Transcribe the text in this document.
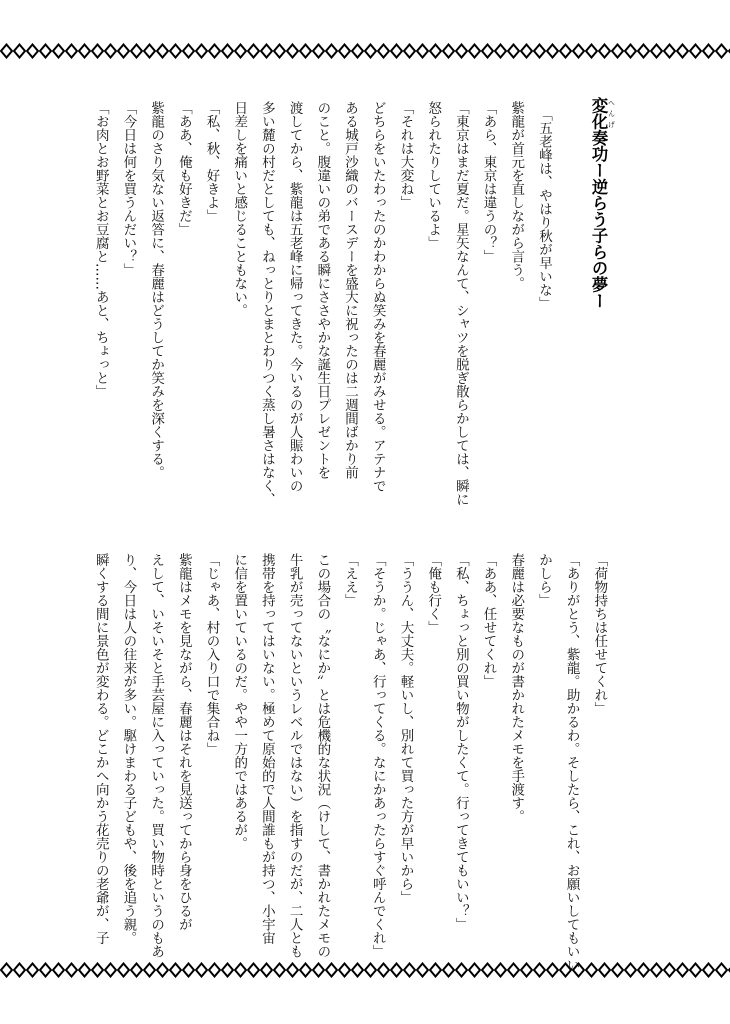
変化 へんげ奏功ー逆らう子らの夢ー
　「五老峰は、やはり秋が早いな」
紫龍が首元を直しながら言う。
「あら、東京は違うの？」
「東京はまだ夏だ。星矢なんて、シャツを脱ぎ散らかしては、瞬に
怒られたりしているよ」
「それは大変ね」
どちらをいたわったのかわからぬ笑みを春麗がみせる。アテナで
ある城戸沙織のバースデーを盛大に祝ったのは二週間ばかり前
のこと。腹違いの弟である瞬にささやかな誕生日プレゼントを
渡してから、紫龍は五老峰に帰ってきた。今いるのが人賑わいの
多い麓の村だとしても、ねっとりとまとわりつく蒸し暑さはなく、
日差しを痛いと感じることもない。
「私、秋、好きよ」
「ああ、俺も好きだ」
紫龍のさり気ない返答に、春麗はどうしてか笑みを深くする。
「今日は何を買うんだい？」
「お肉とお野菜とお豆腐と……あと、ちょっと」
「荷物持ちは任せてくれ」
「ありがとう、紫龍。助かるわ。そしたら、これ、お願いしてもいい
かしら」
春麗は必要なものが書かれたメモを手渡す。
「ああ、任せてくれ」
「私、ちょっと別の買い物がしたくて。行ってきてもいい？」
「俺も行く」
「ううん、大丈夫。軽いし、別れて買った方が早いから」
「そうか。じゃあ、行ってくる。なにかあったらすぐ呼んでくれ」
「ええ」
この場合の〝なにか〟とは危機的な状況（けして、書かれたメモの
牛乳が売ってないというレベルではない）を指すのだが、二人とも
携帯を持ってはいない。極めて原始的で人間誰もが持つ、小宇宙
に信を置いているのだ。やや一方的ではあるが。
「じゃあ、村の入り口で集合ね」
紫龍はメモを見ながら、春麗はそれを見送ってから身をひるが
えして、いそいそと手芸屋に入っていった。買い物時というのもあ
り、今日は人の往来が多い。駆けまわる子どもや、後を追う親。
瞬くする間に景色が変わる。どこかへ向かう花売りの老爺が、子
